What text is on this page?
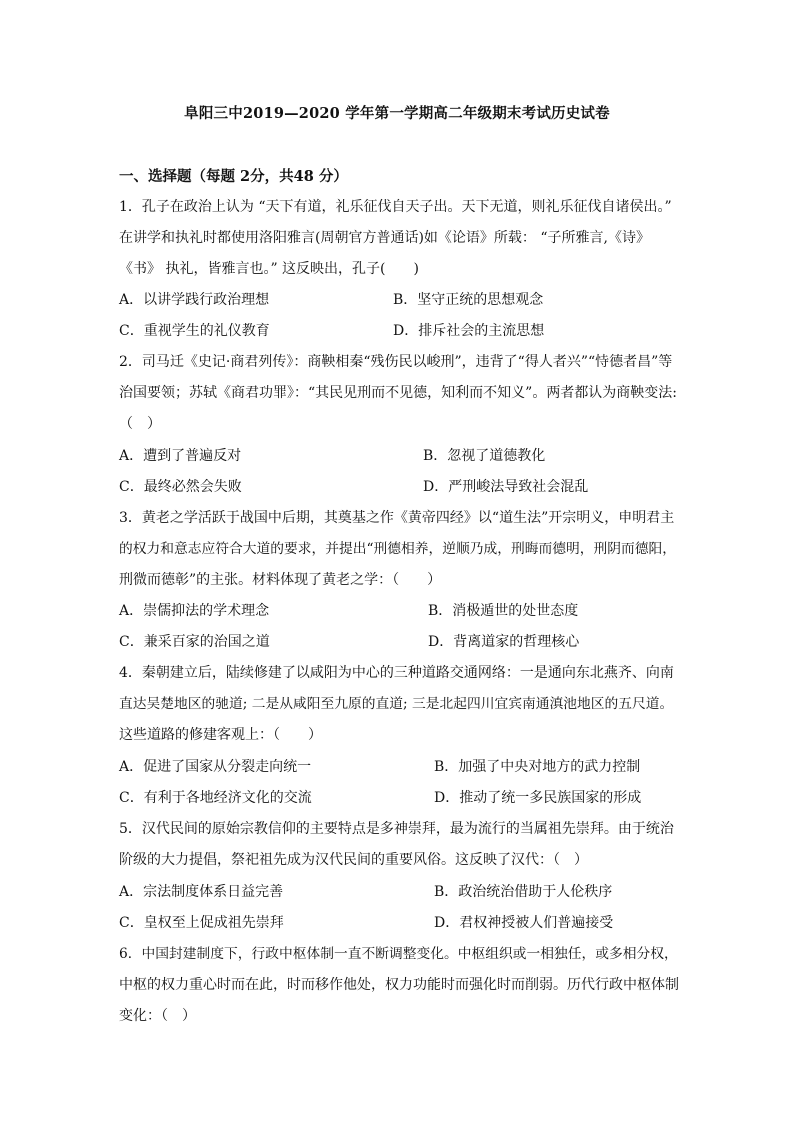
阜阳三中2019—2020 学年第一学期高二年级期末考试历史试卷
一、选择题（每题 2分，共48 分）
1．孔子在政治上认为 “天下有道，礼乐征伐自天子出。天下无道，则礼乐征伐自诸侯出。”
在讲学和执礼时都使用洛阳雅言(周朝官方普通话)如《论语》所载： “子所雅言,《诗》
《书》 执礼，皆雅言也。” 这反映出，孔子(　　)
A．以讲学践行政治理想	B．坚守正统的思想观念
C．重视学生的礼仪教育	D．排斥社会的主流思想
2．司马迁《史记·商君列传》：商鞅相秦“残伤民以峻刑”，违背了“得人者兴”“恃德者昌”等
治国要领；苏轼《商君功罪》：“其民见刑而不见德，知利而不知义”。两者都认为商鞅变法:
（　）
A．遭到了普遍反对	B．忽视了道德教化
C．最终必然会失败	D．严刑峻法导致社会混乱
3．黄老之学活跃于战国中后期，其奠基之作《黄帝四经》以“道生法”开宗明义，申明君主
的权力和意志应符合大道的要求，并提出“刑德相养，逆顺乃成，刑晦而德明，刑阴而德阳，
刑微而德彰”的主张。材料体现了黄老之学：（　　）
A．崇儒抑法的学术理念	B．消极遁世的处世态度
C．兼采百家的治国之道	D．背离道家的哲理核心
4．秦朝建立后，陆续修建了以咸阳为中心的三种道路交通网络：一是通向东北燕齐、向南
直达吴楚地区的驰道; 二是从咸阳至九原的直道; 三是北起四川宜宾南通滇池地区的五尺道。
这些道路的修建客观上：（　　）
A．促进了国家从分裂走向统一	B．加强了中央对地方的武力控制
C．有利于各地经济文化的交流	D．推动了统一多民族国家的形成
5．汉代民间的原始宗教信仰的主要特点是多神崇拜，最为流行的当属祖先崇拜。由于统治
阶级的大力提倡，祭祀祖先成为汉代民间的重要风俗。这反映了汉代：（　）
A．宗法制度体系日益完善	B．政治统治借助于人伦秩序
C．皇权至上促成祖先崇拜	D．君权神授被人们普遍接受
6．中国封建制度下，行政中枢体制一直不断调整变化。中枢组织或一相独任，或多相分权，
中枢的权力重心时而在此，时而移作他处，权力功能时而强化时而削弱。历代行政中枢体制
变化：（　）
